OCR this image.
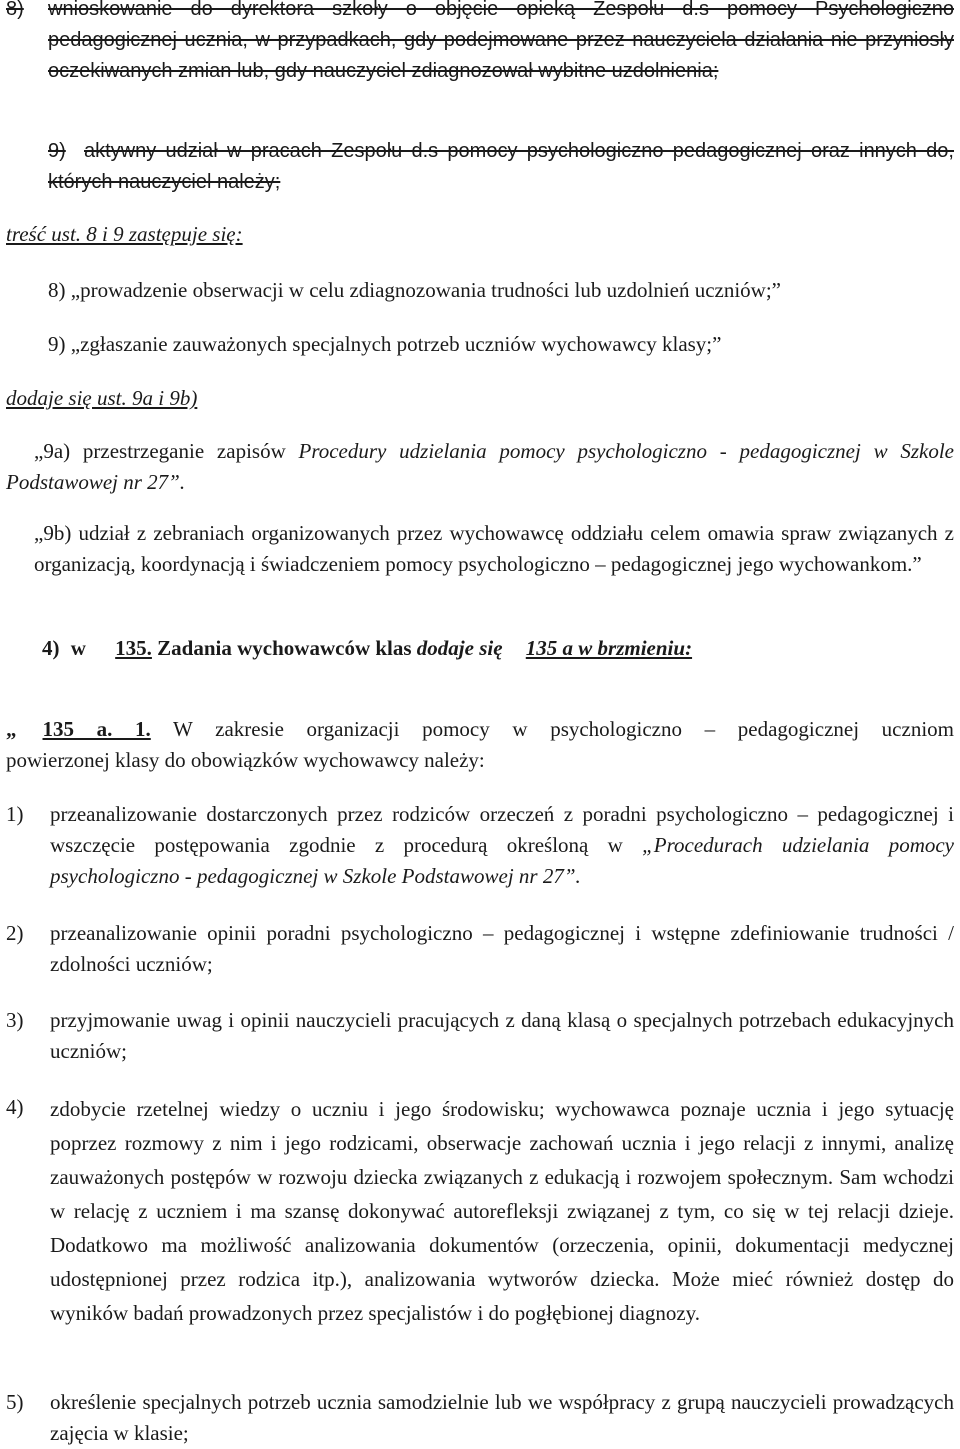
8) wnioskowanie do dyrektora szkoły o objęcie opieką Zespołu d.s pomocy Psychologiczno pedagogicznej ucznia, w przypadkach, gdy podejmowane przez nauczyciela działania nie przyniosły oczekiwanych zmian lub, gdy nauczyciel zdiagnozował wybitne uzdolnienia;
9) aktywny udział w pracach Zespołu d.s pomocy psychologiczno pedagogicznej oraz innych do, których nauczyciel należy;
treść ust. 8 i 9 zastępuje się:
8) „prowadzenie obserwacji w celu zdiagnozowania trudności lub uzdolnień uczniów;”
9) „zgłaszanie zauważonych specjalnych potrzeb uczniów wychowawcy klasy;”
dodaje się ust. 9a i 9b)
„9a) przestrzeganie zapisów Procedury udzielania pomocy psychologiczno - pedagogicznej w Szkole Podstawowej nr 27”.
„9b) udział z zebraniach organizowanych przez wychowawcę oddziału celem omawia spraw związanych z organizacją, koordynacją i świadczeniem pomocy psychologiczno – pedagogicznej jego wychowankom.”
4) w 135. Zadania wychowawców klas dodaje się 135 a w brzmieniu:
„ 135 a. 1. W zakresie organizacji pomocy w psychologiczno – pedagogicznej uczniom
powierzonej klasy do obowiązków wychowawcy należy:
1) przeanalizowanie dostarczonych przez rodziców orzeczeń z poradni psychologiczno – pedagogicznej i wszczęcie postępowania zgodnie z procedurą określoną w „Procedurach udzielania pomocy psychologiczno - pedagogicznej w Szkole Podstawowej nr 27”.
2) przeanalizowanie opinii poradni psychologiczno – pedagogicznej i wstępne zdefiniowanie trudności / zdolności uczniów;
3) przyjmowanie uwag i opinii nauczycieli pracujących z daną klasą o specjalnych potrzebach edukacyjnych uczniów;
4) zdobycie rzetelnej wiedzy o uczniu i jego środowisku; wychowawca poznaje ucznia i jego sytuację poprzez rozmowy z nim i jego rodzicami, obserwacje zachowań ucznia i jego relacji z innymi, analizę zauważonych postępów w rozwoju dziecka związanych z edukacją i rozwojem społecznym. Sam wchodzi w relację z uczniem i ma szansę dokonywać autorefleksji związanej z tym, co się w tej relacji dzieje. Dodatkowo ma możliwość analizowania dokumentów (orzeczenia, opinii, dokumentacji medycznej udostępnionej przez rodzica itp.), analizowania wytworów dziecka. Może mieć również dostęp do wyników badań prowadzonych przez specjalistów i do pogłębionej diagnozy.
5) określenie specjalnych potrzeb ucznia samodzielnie lub we współpracy z grupą nauczycieli prowadzących zajęcia w klasie;
